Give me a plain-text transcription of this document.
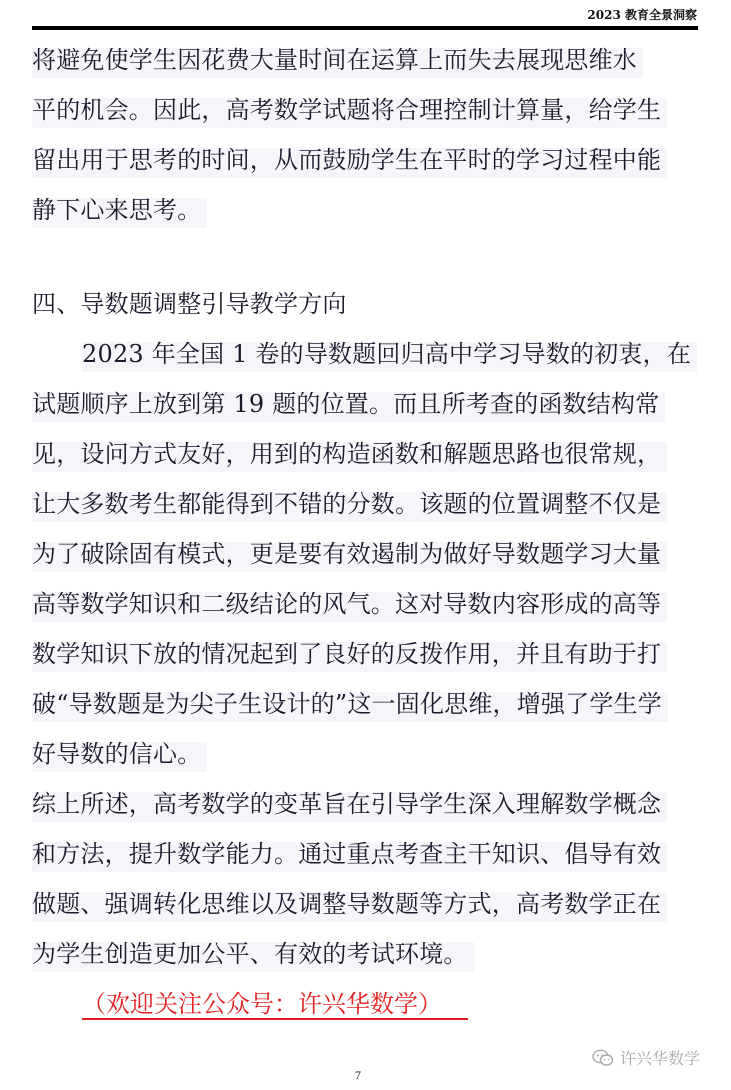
2023 教育全景洞察
将避免使学生因花费大量时间在运算上而失去展现思维水
平的机会。因此，高考数学试题将合理控制计算量，给学生
留出用于思考的时间，从而鼓励学生在平时的学习过程中能
静下心来思考。
四、导数题调整引导教学方向
2023 年全国 1 卷的导数题回归高中学习导数的初衷，在
试题顺序上放到第 19 题的位置。而且所考查的函数结构常
见，设问方式友好，用到的构造函数和解题思路也很常规，
让大多数考生都能得到不错的分数。该题的位置调整不仅是
为了破除固有模式，更是要有效遏制为做好导数题学习大量
高等数学知识和二级结论的风气。这对导数内容形成的高等
数学知识下放的情况起到了良好的反拨作用，并且有助于打
破“导数题是为尖子生设计的”这一固化思维，增强了学生学
好导数的信心。
综上所述，高考数学的变革旨在引导学生深入理解数学概念
和方法，提升数学能力。通过重点考查主干知识、倡导有效
做题、强调转化思维以及调整导数题等方式，高考数学正在
为学生创造更加公平、有效的考试环境。
（欢迎关注公众号：许兴华数学）
7
许兴华数学
